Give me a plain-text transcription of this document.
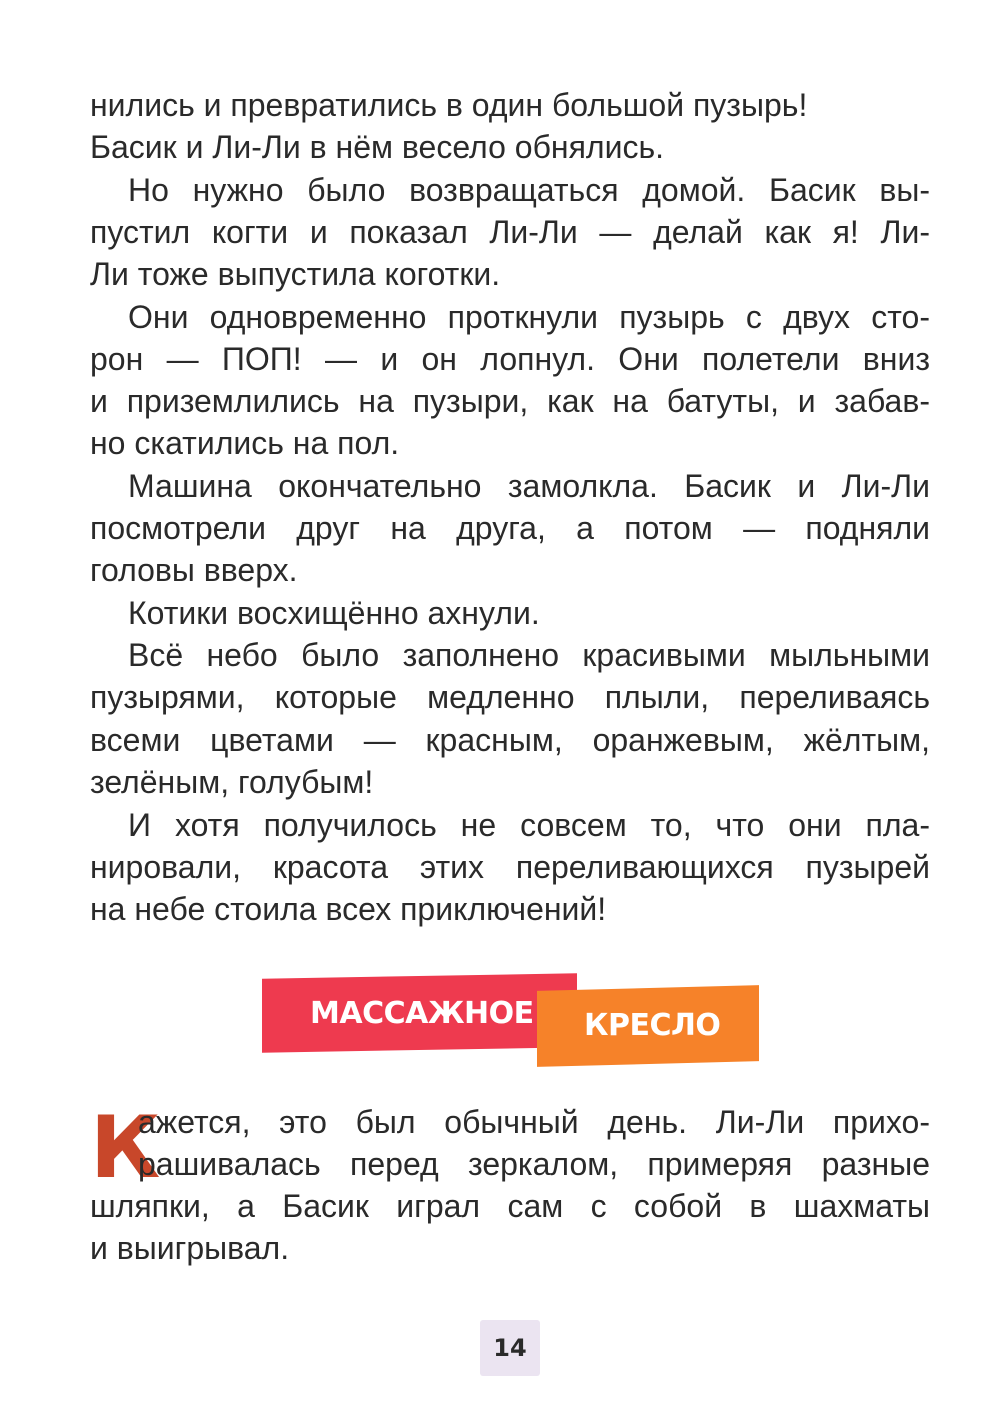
нились и превратились в один большой пузырь!
Басик и Ли-Ли в нём весело обнялись.
Но нужно было возвращаться домой. Басик вы-
пустил когти и показал Ли-Ли — делай как я! Ли-
Ли тоже выпустила коготки.
Они одновременно проткнули пузырь с двух сто-
рон — ПОП! — и он лопнул. Они полетели вниз
и приземлились на пузыри, как на батуты, и забав-
но скатились на пол.
Машина окончательно замолкла. Басик и Ли-Ли
посмотрели друг на друга, а потом — подняли
головы вверх.
Котики восхищённо ахнули.
Всё небо было заполнено красивыми мыльными
пузырями, которые медленно плыли, переливаясь
всеми цветами — красным, оранжевым, жёлтым,
зелёным, голубым!
И хотя получилось не совсем то, что они пла-
нировали, красота этих переливающихся пузырей
на небе стоила всех приключений!
МАССАЖНОЕ КРЕСЛО
К
ажется, это был обычный день. Ли-Ли прихо-
рашивалась перед зеркалом, примеряя разные
шляпки, а Басик играл сам с собой в шахматы
и выигрывал.
14
